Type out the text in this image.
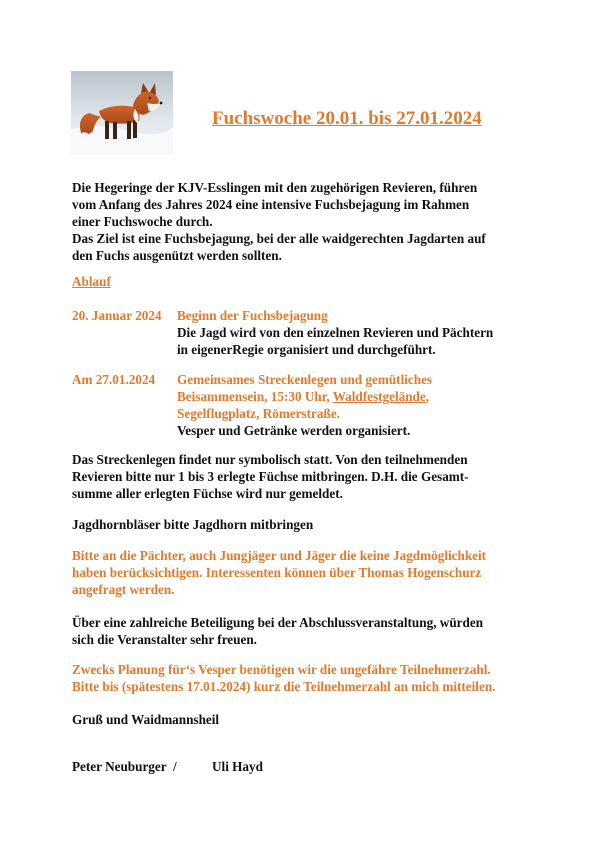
Fuchswoche 20.01. bis 27.01.2024
Die Hegeringe der KJV-Esslingen mit den zugehörigen Revieren, führen
vom Anfang des Jahres 2024 eine intensive Fuchsbejagung im Rahmen
einer Fuchswoche durch.
Das Ziel ist eine Fuchsbejagung, bei der alle waidgerechten Jagdarten auf
den Fuchs ausgenützt werden sollten.
Ablauf
20. Januar 2024 Beginn der Fuchsbejagung
Die Jagd wird von den einzelnen Revieren und Pächtern
in eigenerRegie organisiert und durchgeführt.
Am 27.01.2024 Gemeinsames Streckenlegen und gemütliches
Beisammensein, 15:30 Uhr, Waldfestgelände,
Segelflugplatz, Römerstraße.
Vesper und Getränke werden organisiert.
Das Streckenlegen findet nur symbolisch statt. Von den teilnehmenden
Revieren bitte nur 1 bis 3 erlegte Füchse mitbringen. D.H. die Gesamt-
summe aller erlegten Füchse wird nur gemeldet.
Jagdhornbläser bitte Jagdhorn mitbringen
Bitte an die Pächter, auch Jungjäger und Jäger die keine Jagdmöglichkeit
haben berücksichtigen. Interessenten können über Thomas Hogenschurz
angefragt werden.
Über eine zahlreiche Beteiligung bei der Abschlussveranstaltung, würden
sich die Veranstalter sehr freuen.
Zwecks Planung für‘s Vesper benötigen wir die ungefähre Teilnehmerzahl.
Bitte bis (spätestens 17.01.2024) kurz die Teilnehmerzahl an mich mitteilen.
Gruß und Waidmannsheil
Peter Neuburger  /	Uli Hayd
